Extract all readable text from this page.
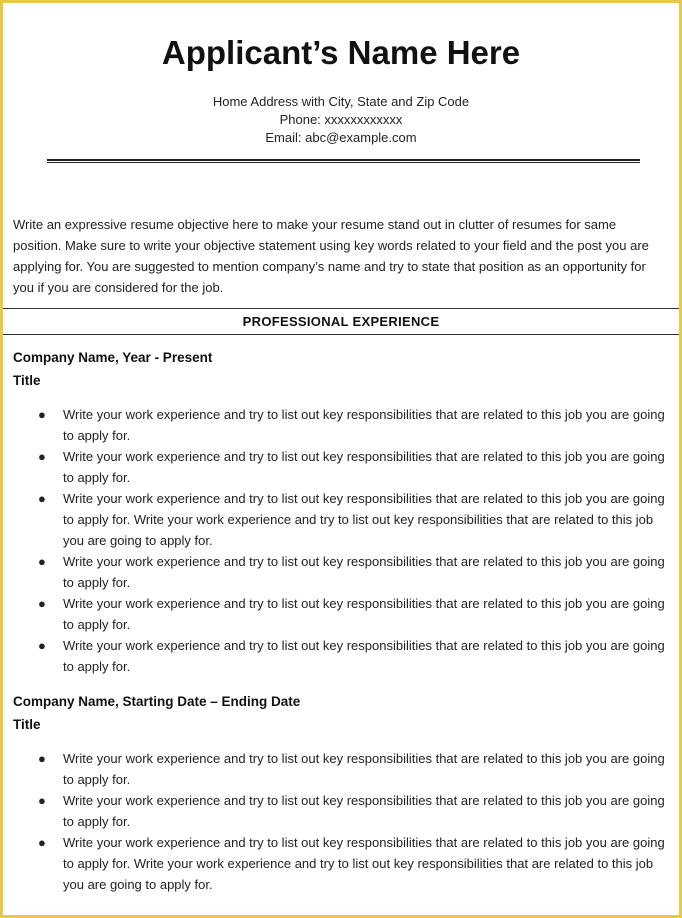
Applicant’s Name Here
Home Address with City, State and Zip Code
Phone: xxxxxxxxxxxx
Email: abc@example.com

Write an expressive resume objective here to make your resume stand out in clutter of resumes for same position. Make sure to write your objective statement using key words related to your field and the post you are applying for. You are suggested to mention company’s name and try to state that position as an opportunity for you if you are considered for the job.

PROFESSIONAL EXPERIENCE
Company Name, Year - Present
Title
● Write your work experience and try to list out key responsibilities that are related to this job you are going to apply for.
● Write your work experience and try to list out key responsibilities that are related to this job you are going to apply for.
● Write your work experience and try to list out key responsibilities that are related to this job you are going to apply for. Write your work experience and try to list out key responsibilities that are related to this job you are going to apply for.
● Write your work experience and try to list out key responsibilities that are related to this job you are going to apply for.
● Write your work experience and try to list out key responsibilities that are related to this job you are going to apply for.
● Write your work experience and try to list out key responsibilities that are related to this job you are going to apply for.
Company Name, Starting Date – Ending Date
Title
● Write your work experience and try to list out key responsibilities that are related to this job you are going to apply for.
● Write your work experience and try to list out key responsibilities that are related to this job you are going to apply for.
● Write your work experience and try to list out key responsibilities that are related to this job you are going to apply for. Write your work experience and try to list out key responsibilities that are related to this job you are going to apply for.
